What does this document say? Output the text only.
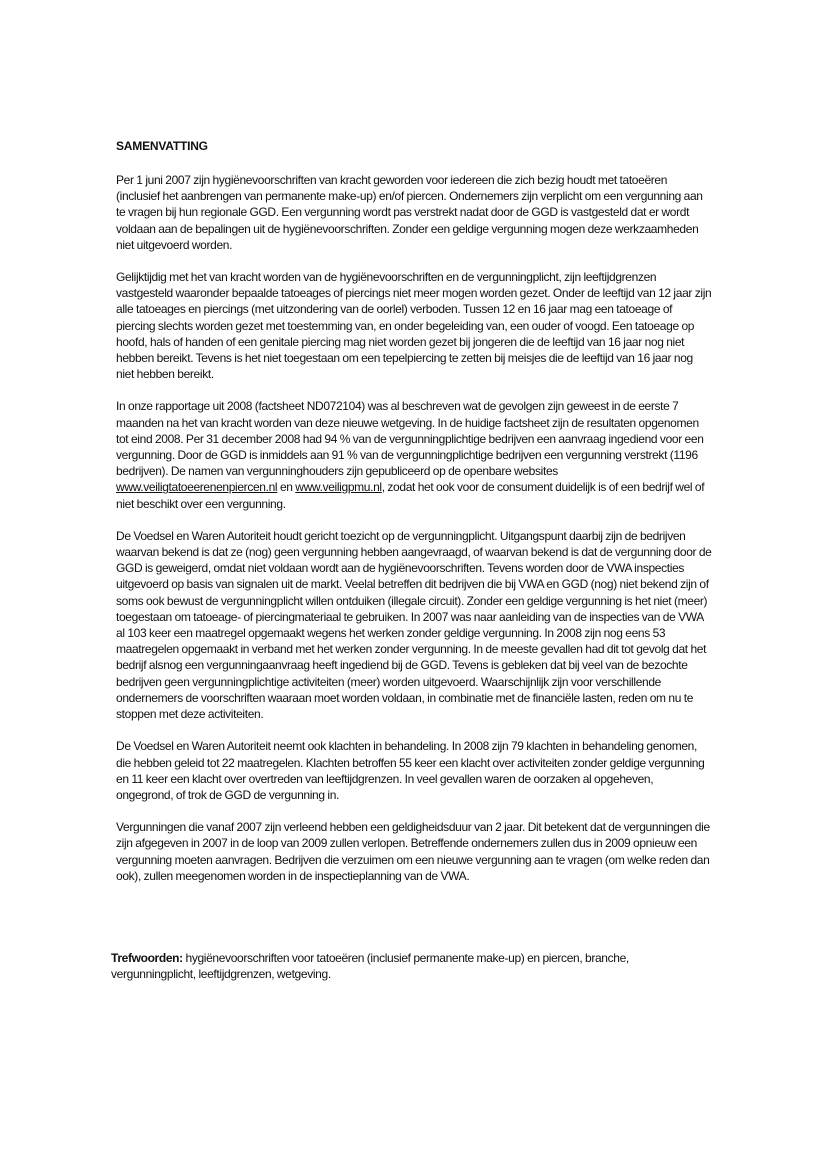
SAMENVATTING

Per 1 juni 2007 zijn hygiënevoorschriften van kracht geworden voor iedereen die zich bezig houdt met tatoeëren (inclusief het aanbrengen van permanente make-up) en/of piercen. Ondernemers zijn verplicht om een vergunning aan te vragen bij hun regionale GGD. Een vergunning wordt pas verstrekt nadat door de GGD is vastgesteld dat er wordt voldaan aan de bepalingen uit de hygiënevoorschriften. Zonder een geldige vergunning mogen deze werkzaamheden niet uitgevoerd worden.

Gelijktijdig met het van kracht worden van de hygiënevoorschriften en de vergunningplicht, zijn leeftijdgrenzen vastgesteld waaronder bepaalde tatoeages of piercings niet meer mogen worden gezet. Onder de leeftijd van 12 jaar zijn alle tatoeages en piercings (met uitzondering van de oorlel) verboden. Tussen 12 en 16 jaar mag een tatoeage of piercing slechts worden gezet met toestemming van, en onder begeleiding van, een ouder of voogd. Een tatoeage op hoofd, hals of handen of een genitale piercing mag niet worden gezet bij jongeren die de leeftijd van 16 jaar nog niet hebben bereikt. Tevens is het niet toegestaan om een tepelpiercing te zetten bij meisjes die de leeftijd van 16 jaar nog niet hebben bereikt.

In onze rapportage uit 2008 (factsheet ND072104) was al beschreven wat de gevolgen zijn geweest in de eerste 7 maanden na het van kracht worden van deze nieuwe wetgeving. In de huidige factsheet zijn de resultaten opgenomen tot eind 2008. Per 31 december 2008 had 94 % van de vergunningplichtige bedrijven een aanvraag ingediend voor een vergunning. Door de GGD is inmiddels aan 91 % van de vergunningplichtige bedrijven een vergunning verstrekt (1196 bedrijven). De namen van vergunninghouders zijn gepubliceerd op de openbare websites www.veiligtatoeerenenpiercen.nl en www.veiligpmu.nl, zodat het ook voor de consument duidelijk is of een bedrijf wel of niet beschikt over een vergunning.

De Voedsel en Waren Autoriteit houdt gericht toezicht op de vergunningplicht. Uitgangspunt daarbij zijn de bedrijven waarvan bekend is dat ze (nog) geen vergunning hebben aangevraagd, of waarvan bekend is dat de vergunning door de GGD is geweigerd, omdat niet voldaan wordt aan de hygiënevoorschriften. Tevens worden door de VWA inspecties uitgevoerd op basis van signalen uit de markt. Veelal betreffen dit bedrijven die bij VWA en GGD (nog) niet bekend zijn of soms ook bewust de vergunningplicht willen ontduiken (illegale circuit). Zonder een geldige vergunning is het niet (meer) toegestaan om tatoeage- of piercingmateriaal te gebruiken. In 2007 was naar aanleiding van de inspecties van de VWA al 103 keer een maatregel opgemaakt wegens het werken zonder geldige vergunning. In 2008 zijn nog eens 53 maatregelen opgemaakt in verband met het werken zonder vergunning. In de meeste gevallen had dit tot gevolg dat het bedrijf alsnog een vergunningaanvraag heeft ingediend bij de GGD. Tevens is gebleken dat bij veel van de bezochte bedrijven geen vergunningplichtige activiteiten (meer) worden uitgevoerd. Waarschijnlijk zijn voor verschillende ondernemers de voorschriften waaraan moet worden voldaan, in combinatie met de financiële lasten, reden om nu te stoppen met deze activiteiten.

De Voedsel en Waren Autoriteit neemt ook klachten in behandeling. In 2008 zijn 79 klachten in behandeling genomen, die hebben geleid tot 22 maatregelen. Klachten betroffen 55 keer een klacht over activiteiten zonder geldige vergunning en 11 keer een klacht over overtreden van leeftijdgrenzen. In veel gevallen waren de oorzaken al opgeheven, ongegrond, of trok de GGD de vergunning in.

Vergunningen die vanaf 2007 zijn verleend hebben een geldigheidsduur van 2 jaar. Dit betekent dat de vergunningen die zijn afgegeven in 2007 in de loop van 2009 zullen verlopen. Betreffende ondernemers zullen dus in 2009 opnieuw een vergunning moeten aanvragen. Bedrijven die verzuimen om een nieuwe vergunning aan te vragen (om welke reden dan ook), zullen meegenomen worden in de inspectieplanning van de VWA.

Trefwoorden: hygiënevoorschriften voor tatoeëren (inclusief permanente make-up) en piercen, branche, vergunningplicht, leeftijdgrenzen, wetgeving.
